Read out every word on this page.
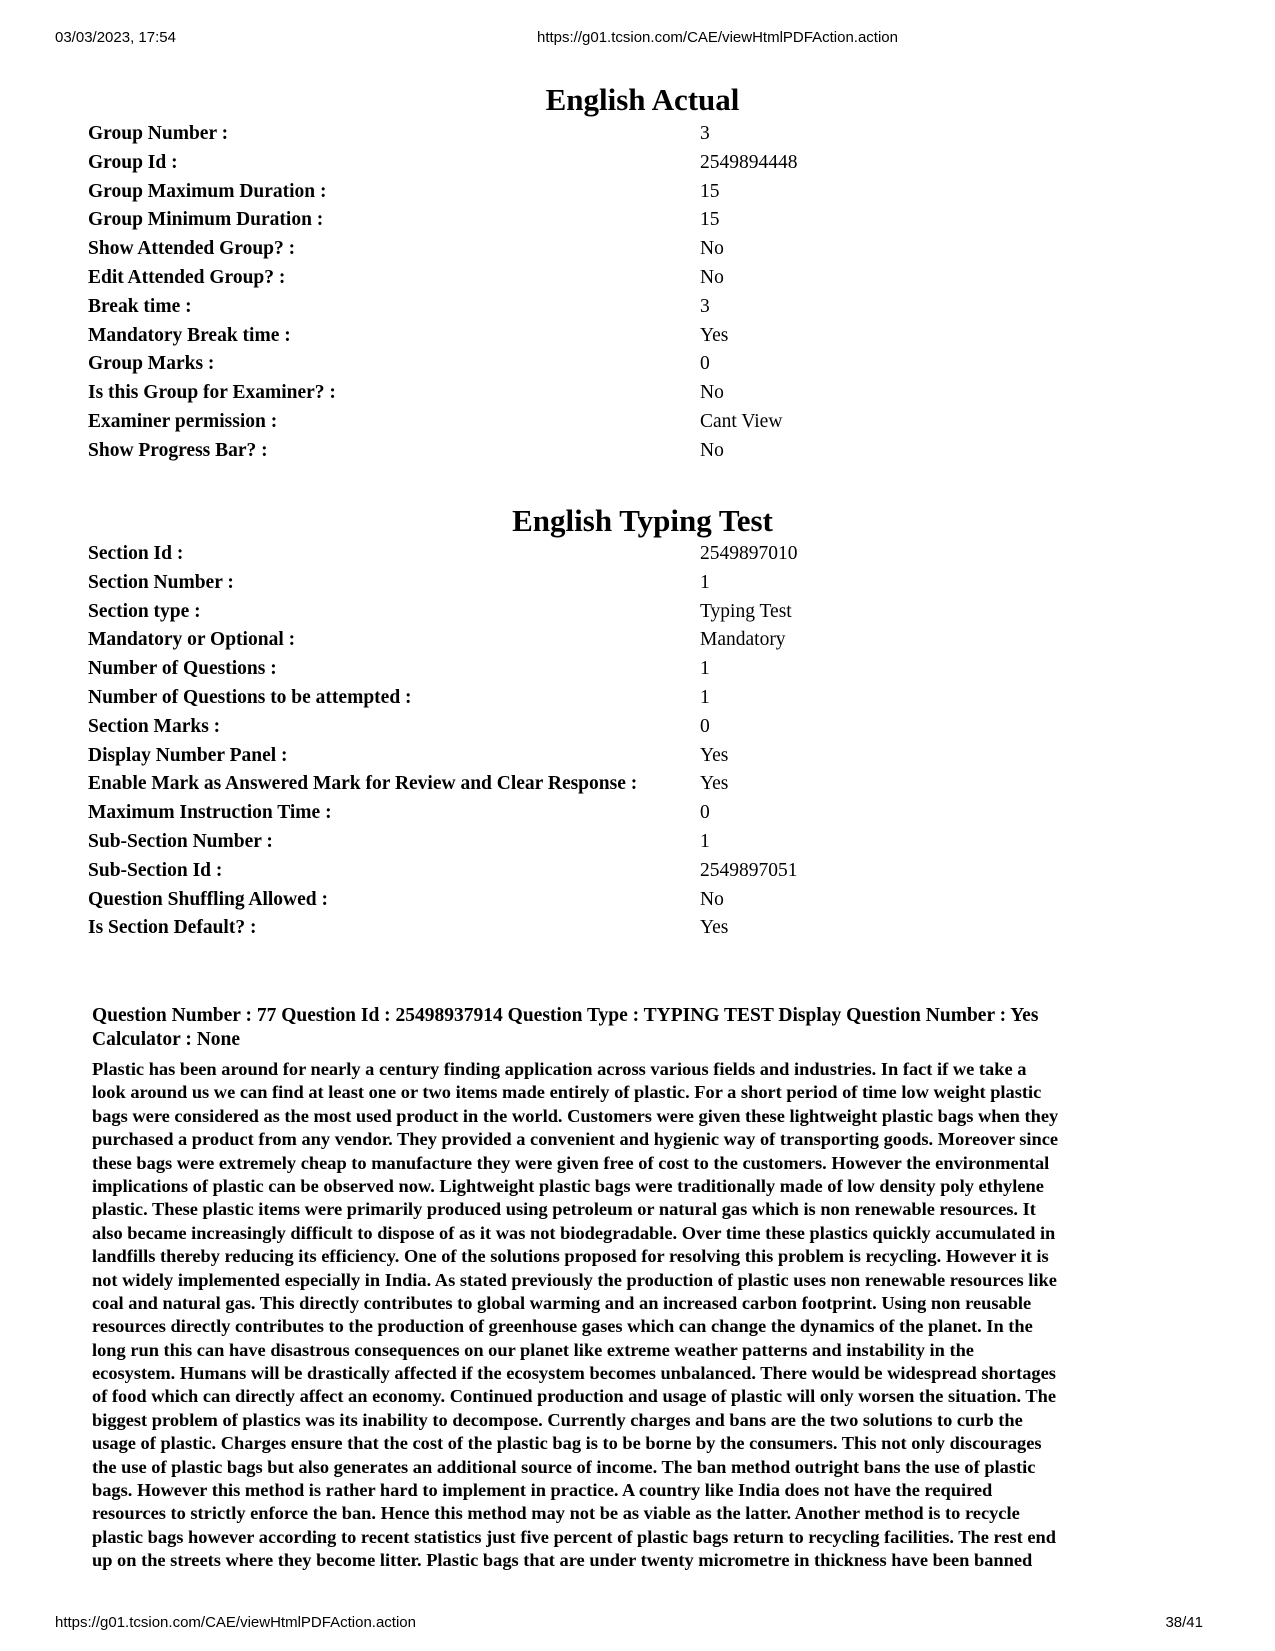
03/03/2023, 17:54	https://g01.tcsion.com/CAE/viewHtmlPDFAction.action
English Actual
Group Number :	3
Group Id :	2549894448
Group Maximum Duration :	15
Group Minimum Duration :	15
Show Attended Group? :	No
Edit Attended Group? :	No
Break time :	3
Mandatory Break time :	Yes
Group Marks :	0
Is this Group for Examiner? :	No
Examiner permission :	Cant View
Show Progress Bar? :	No
English Typing Test
Section Id :	2549897010
Section Number :	1
Section type :	Typing Test
Mandatory or Optional :	Mandatory
Number of Questions :	1
Number of Questions to be attempted :	1
Section Marks :	0
Display Number Panel :	Yes
Enable Mark as Answered Mark for Review and Clear Response :	Yes
Maximum Instruction Time :	0
Sub-Section Number :	1
Sub-Section Id :	2549897051
Question Shuffling Allowed :	No
Is Section Default? :	Yes
Question Number : 77 Question Id : 25498937914 Question Type : TYPING TEST Display Question Number : Yes
Calculator : None
Plastic has been around for nearly a century finding application across various fields and industries. In fact if we take a
look around us we can find at least one or two items made entirely of plastic. For a short period of time low weight plastic
bags were considered as the most used product in the world. Customers were given these lightweight plastic bags when they
purchased a product from any vendor. They provided a convenient and hygienic way of transporting goods. Moreover since
these bags were extremely cheap to manufacture they were given free of cost to the customers. However the environmental
implications of plastic can be observed now. Lightweight plastic bags were traditionally made of low density poly ethylene
plastic. These plastic items were primarily produced using petroleum or natural gas which is non renewable resources. It
also became increasingly difficult to dispose of as it was not biodegradable. Over time these plastics quickly accumulated in
landfills thereby reducing its efficiency. One of the solutions proposed for resolving this problem is recycling. However it is
not widely implemented especially in India. As stated previously the production of plastic uses non renewable resources like
coal and natural gas. This directly contributes to global warming and an increased carbon footprint. Using non reusable
resources directly contributes to the production of greenhouse gases which can change the dynamics of the planet. In the
long run this can have disastrous consequences on our planet like extreme weather patterns and instability in the
ecosystem. Humans will be drastically affected if the ecosystem becomes unbalanced. There would be widespread shortages
of food which can directly affect an economy. Continued production and usage of plastic will only worsen the situation. The
biggest problem of plastics was its inability to decompose. Currently charges and bans are the two solutions to curb the
usage of plastic. Charges ensure that the cost of the plastic bag is to be borne by the consumers. This not only discourages
the use of plastic bags but also generates an additional source of income. The ban method outright bans the use of plastic
bags. However this method is rather hard to implement in practice. A country like India does not have the required
resources to strictly enforce the ban. Hence this method may not be as viable as the latter. Another method is to recycle
plastic bags however according to recent statistics just five percent of plastic bags return to recycling facilities. The rest end
up on the streets where they become litter. Plastic bags that are under twenty micrometre in thickness have been banned
https://g01.tcsion.com/CAE/viewHtmlPDFAction.action	38/41
